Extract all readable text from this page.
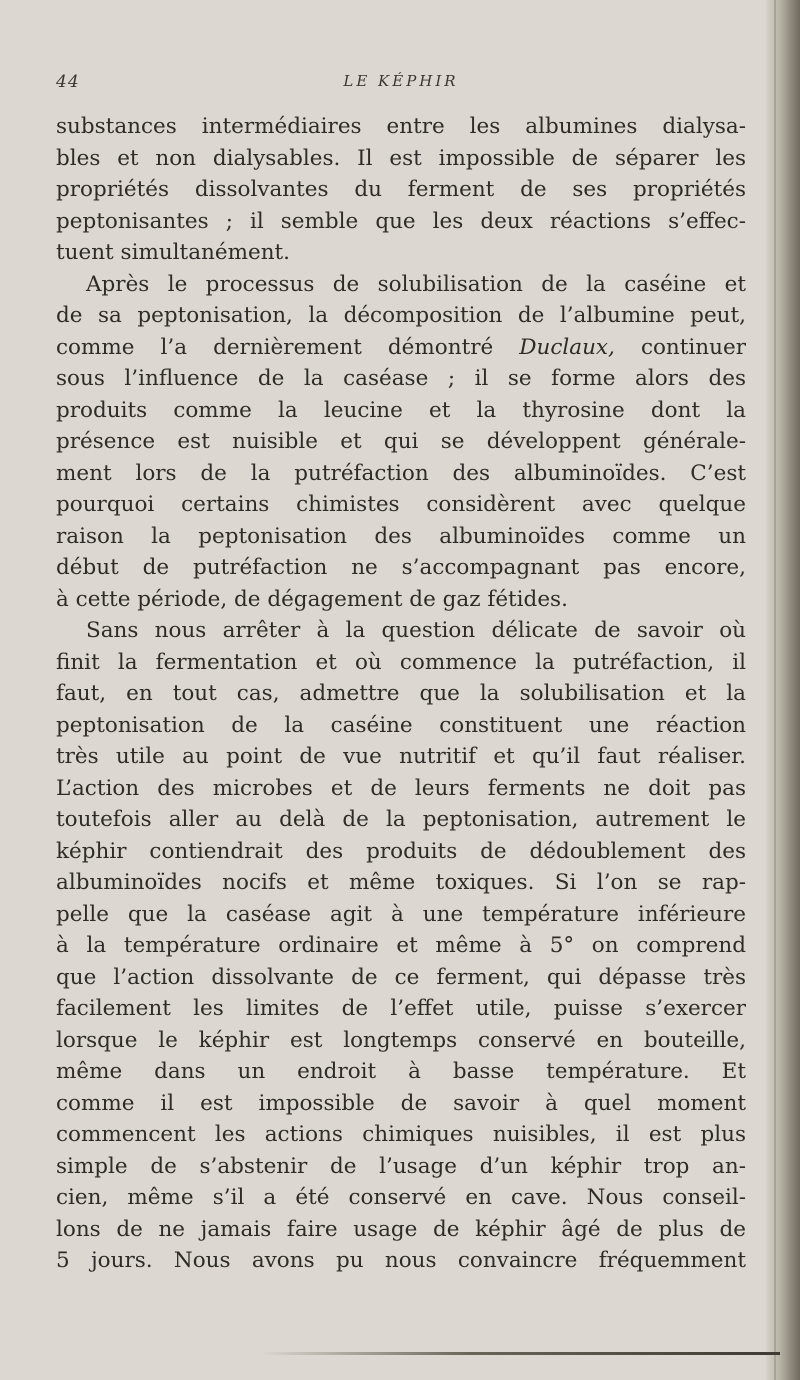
44	LE KÉPHIR
substances intermédiaires entre les albumines dialysa-
bles et non dialysables. Il est impossible de séparer les
propriétés dissolvantes du ferment de ses propriétés
peptonisantes ; il semble que les deux réactions s’effec-
tuent simultanément.
Après le processus de solubilisation de la caséine et
de sa peptonisation, la décomposition de l’albumine peut,
comme l’a dernièrement démontré Duclaux, continuer
sous l’influence de la caséase ; il se forme alors des
produits comme la leucine et la thyrosine dont la
présence est nuisible et qui se développent générale-
ment lors de la putréfaction des albuminoïdes. C’est
pourquoi certains chimistes considèrent avec quelque
raison la peptonisation des albuminoïdes comme un
début de putréfaction ne s’accompagnant pas encore,
à cette période, de dégagement de gaz fétides.
Sans nous arrêter à la question délicate de savoir où
finit la fermentation et où commence la putréfaction, il
faut, en tout cas, admettre que la solubilisation et la
peptonisation de la caséine constituent une réaction
très utile au point de vue nutritif et qu’il faut réaliser.
L’action des microbes et de leurs ferments ne doit pas
toutefois aller au delà de la peptonisation, autrement le
képhir contiendrait des produits de dédoublement des
albuminoïdes nocifs et même toxiques. Si l’on se rap-
pelle que la caséase agit à une température inférieure
à la température ordinaire et même à 5° on comprend
que l’action dissolvante de ce ferment, qui dépasse très
facilement les limites de l’effet utile, puisse s’exercer
lorsque le képhir est longtemps conservé en bouteille,
même dans un endroit à basse température. Et
comme il est impossible de savoir à quel moment
commencent les actions chimiques nuisibles, il est plus
simple de s’abstenir de l’usage d’un képhir trop an-
cien, même s’il a été conservé en cave. Nous conseil-
lons de ne jamais faire usage de képhir âgé de plus de
5 jours. Nous avons pu nous convaincre fréquemment
